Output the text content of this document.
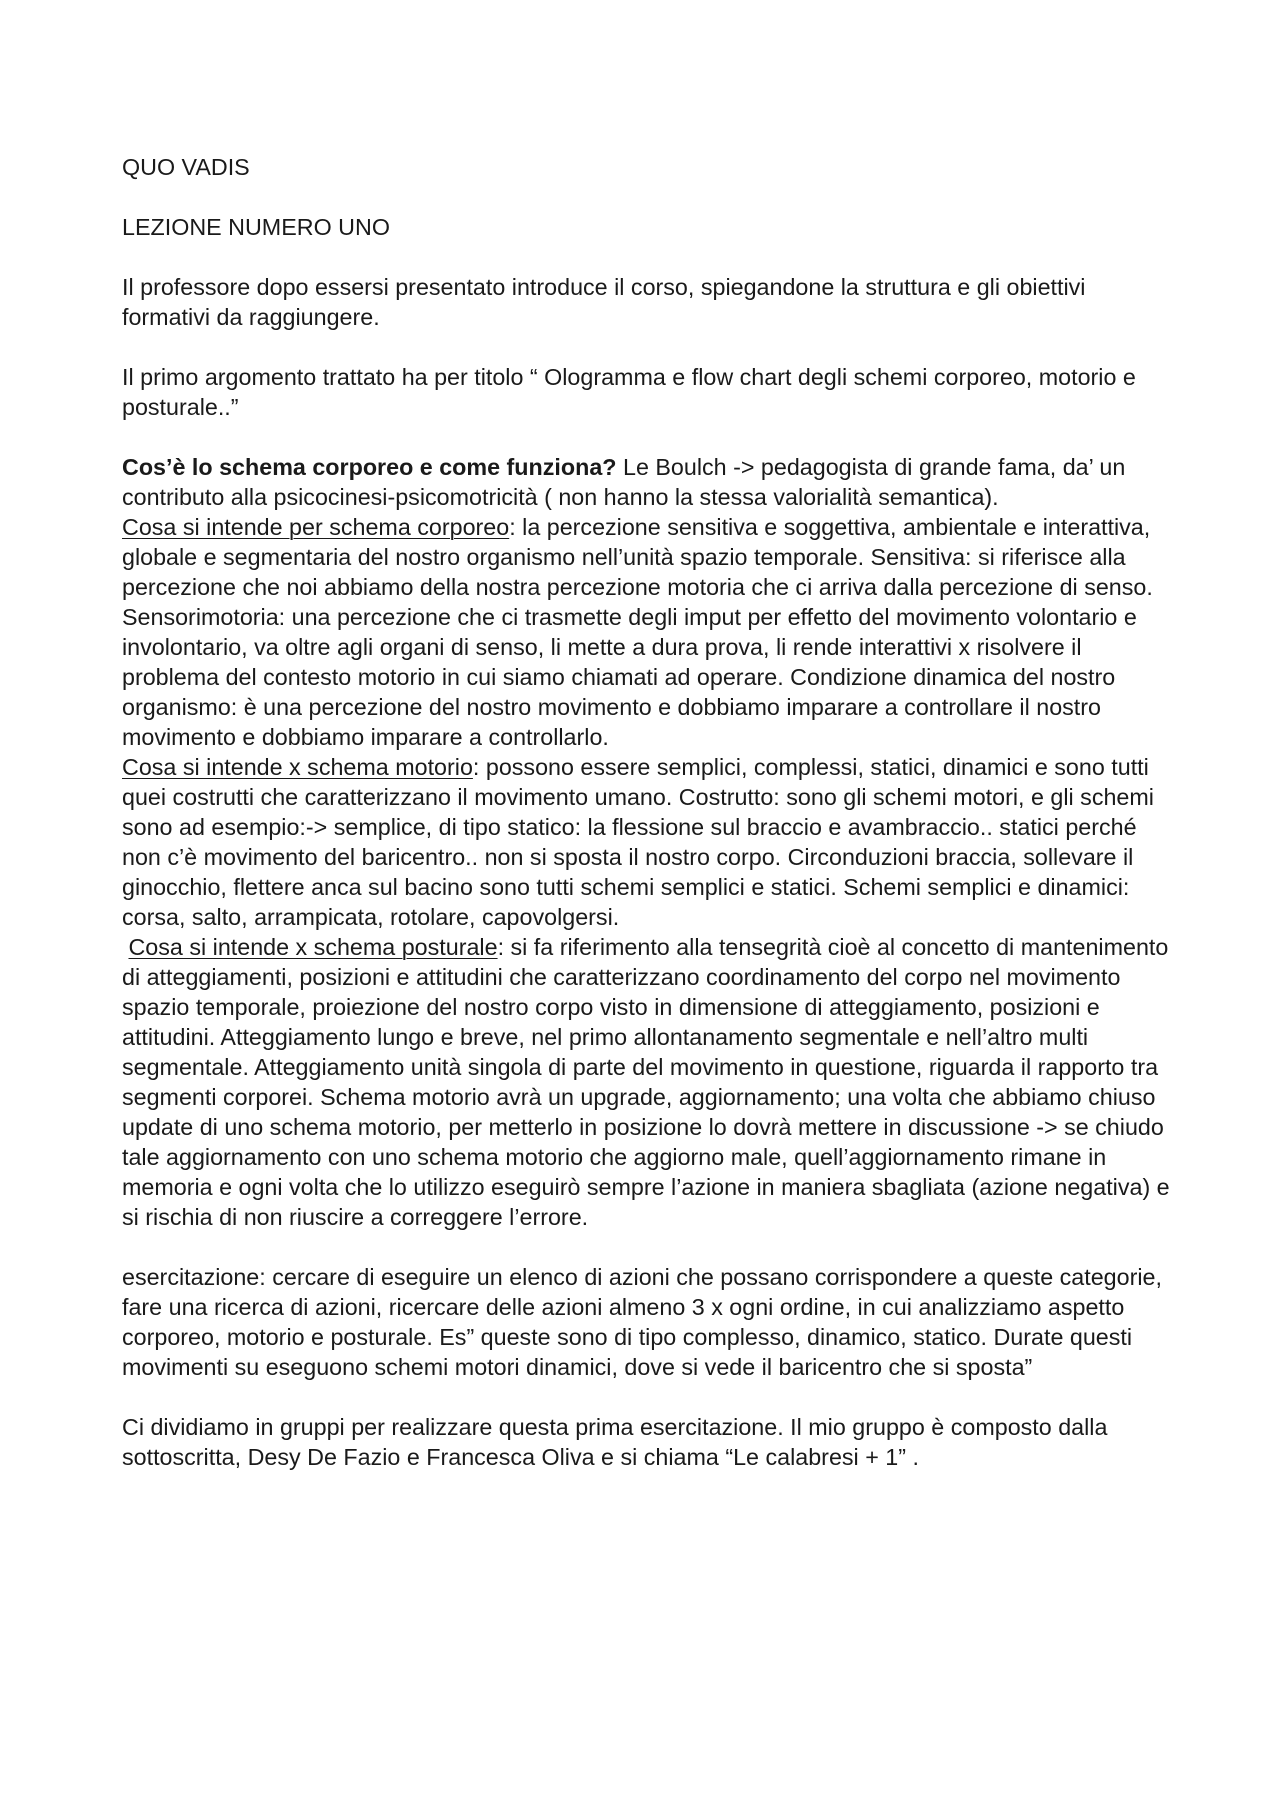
QUO VADIS

LEZIONE NUMERO UNO

Il professore dopo essersi presentato introduce il corso, spiegandone la struttura e gli obiettivi formativi da raggiungere.

Il primo argomento trattato ha per titolo “ Ologramma e flow chart degli schemi corporeo, motorio e posturale..”

Cos’è lo schema corporeo e come funziona? Le Boulch -> pedagogista di grande fama, da’ un contributo alla psicocinesi-psicomotricità ( non hanno la stessa valorialità semantica).

Cosa si intende per schema corporeo: la percezione sensitiva e soggettiva, ambientale e interattiva, globale e segmentaria del nostro organismo nell’unità spazio temporale. Sensitiva: si riferisce alla percezione che noi abbiamo della nostra percezione motoria che ci arriva dalla percezione di senso. Sensorimotoria: una percezione che ci trasmette degli imput per effetto del movimento volontario e involontario, va oltre agli organi di senso, li mette a dura prova, li rende interattivi x risolvere il problema del contesto motorio in cui siamo chiamati ad operare. Condizione dinamica del nostro organismo: è una percezione del nostro movimento e dobbiamo imparare a controllare il nostro movimento e dobbiamo imparare a controllarlo.

Cosa si intende x schema motorio: possono essere semplici, complessi, statici, dinamici e sono tutti quei costrutti che caratterizzano il movimento umano. Costrutto: sono gli schemi motori, e gli schemi sono ad esempio:-> semplice, di tipo statico: la flessione sul braccio e avambraccio.. statici perché non c’è movimento del baricentro.. non si sposta il nostro corpo. Circonduzioni braccia, sollevare il ginocchio, flettere anca sul bacino sono tutti schemi semplici e statici. Schemi semplici e dinamici: corsa, salto, arrampicata, rotolare, capovolgersi.

Cosa si intende x schema posturale: si fa riferimento alla tensegrità cioè al concetto di mantenimento di atteggiamenti, posizioni e attitudini che caratterizzano coordinamento del corpo nel movimento spazio temporale, proiezione del nostro corpo visto in dimensione di atteggiamento, posizioni e attitudini. Atteggiamento lungo e breve, nel primo allontanamento segmentale e nell’altro multi segmentale. Atteggiamento unità singola di parte del movimento in questione, riguarda il rapporto tra segmenti corporei. Schema motorio avrà un upgrade, aggiornamento; una volta che abbiamo chiuso update di uno schema motorio, per metterlo in posizione lo dovrà mettere in discussione -> se chiudo tale aggiornamento con uno schema motorio che aggiorno male, quell’aggiornamento rimane in memoria e ogni volta che lo utilizzo eseguirò sempre l’azione in maniera sbagliata (azione negativa) e si rischia di non riuscire a correggere l’errore.

esercitazione: cercare di eseguire un elenco di azioni che possano corrispondere a queste categorie, fare una ricerca di azioni, ricercare delle azioni almeno 3 x ogni ordine, in cui analizziamo aspetto corporeo, motorio e posturale. Es” queste sono di tipo complesso, dinamico, statico. Durate questi movimenti su eseguono schemi motori dinamici, dove si vede il baricentro che si sposta”

Ci dividiamo in gruppi per realizzare questa prima esercitazione. Il mio gruppo è composto dalla sottoscritta, Desy De Fazio e Francesca Oliva e si chiama “Le calabresi + 1” .
